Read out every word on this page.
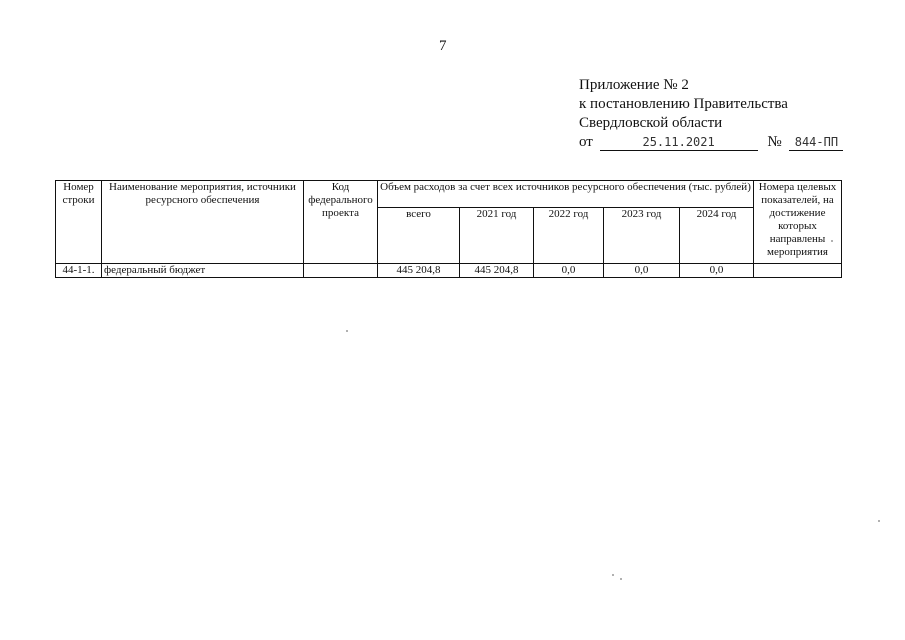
7
Приложение № 2
к постановлению Правительства
Свердловской области
от	25.11.2021	№ 844-ПП
Номер строки	Наименование мероприятия, источники ресурсного обеспечения	Код федерального проекта	Объем расходов за счет всех источников ресурсного обеспечения (тыс. рублей)					Номера целевых показателей, на достижение которых направлены мероприятия
			всего	2021 год	2022 год	2023 год	2024 год	
44-1-1.	федеральный бюджет		445 204,8	445 204,8	0,0	0,0	0,0	
